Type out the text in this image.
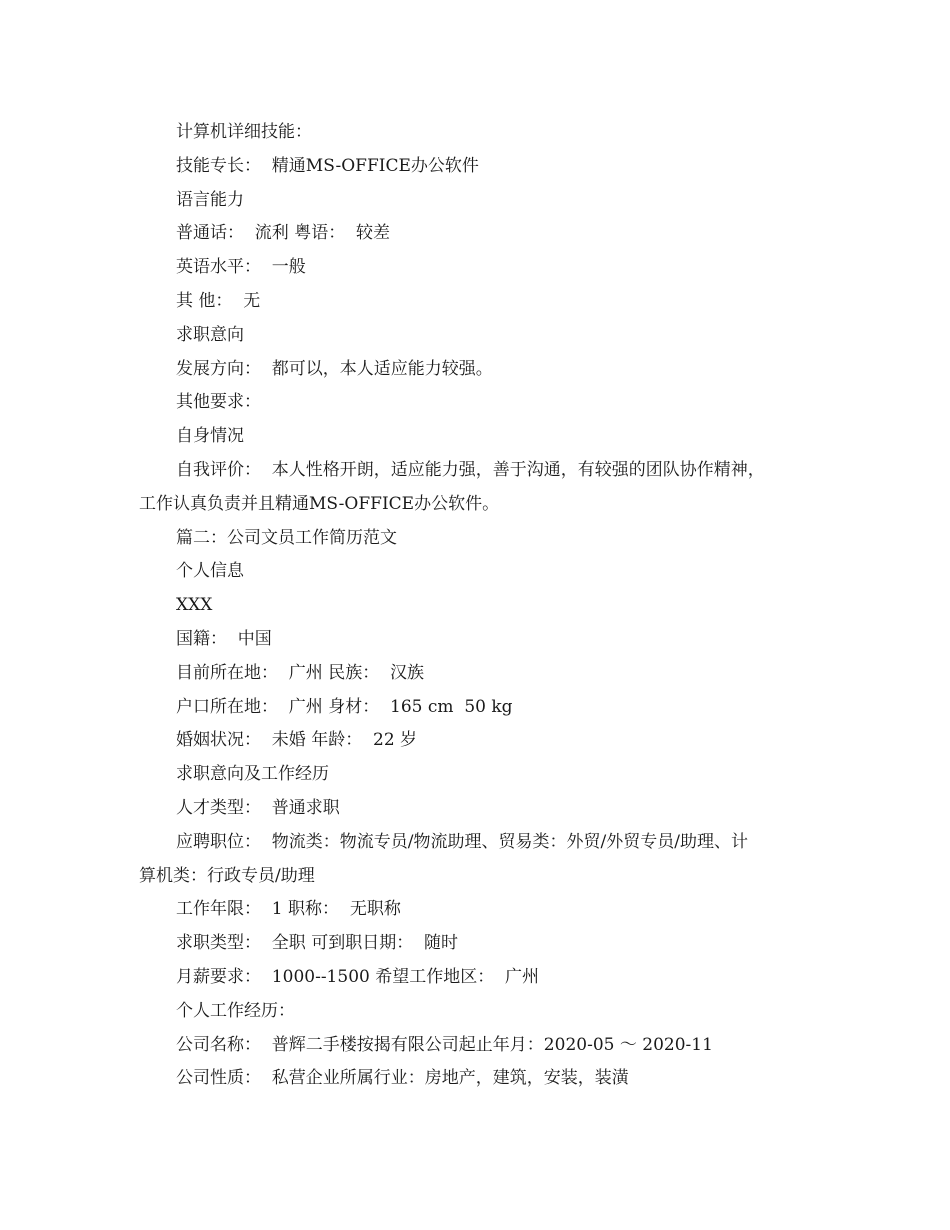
计算机详细技能：
技能专长：  精通MS-OFFICE办公软件
语言能力
普通话：  流利 粤语：  较差
英语水平：  一般
其 他：  无
求职意向
发展方向：  都可以，本人适应能力较强。
其他要求：
自身情况
自我评价：  本人性格开朗，适应能力强，善于沟通，有较强的团队协作精神，
工作认真负责并且精通MS-OFFICE办公软件。
篇二：公司文员工作简历范文
个人信息
XXX
国籍：  中国
目前所在地：  广州 民族：  汉族
户口所在地：  广州 身材：  165 cm  50 kg
婚姻状况：  未婚 年龄：  22 岁
求职意向及工作经历
人才类型：  普通求职
应聘职位：  物流类：物流专员/物流助理、贸易类：外贸/外贸专员/助理、计
算机类：行政专员/助理
工作年限：  1 职称：  无职称
求职类型：  全职 可到职日期：  随时
月薪要求：  1000--1500 希望工作地区：  广州
个人工作经历：
公司名称：  普辉二手楼按揭有限公司起止年月：2020-05 ～ 2020-11
公司性质：  私营企业所属行业：房地产，建筑，安装，装潢
